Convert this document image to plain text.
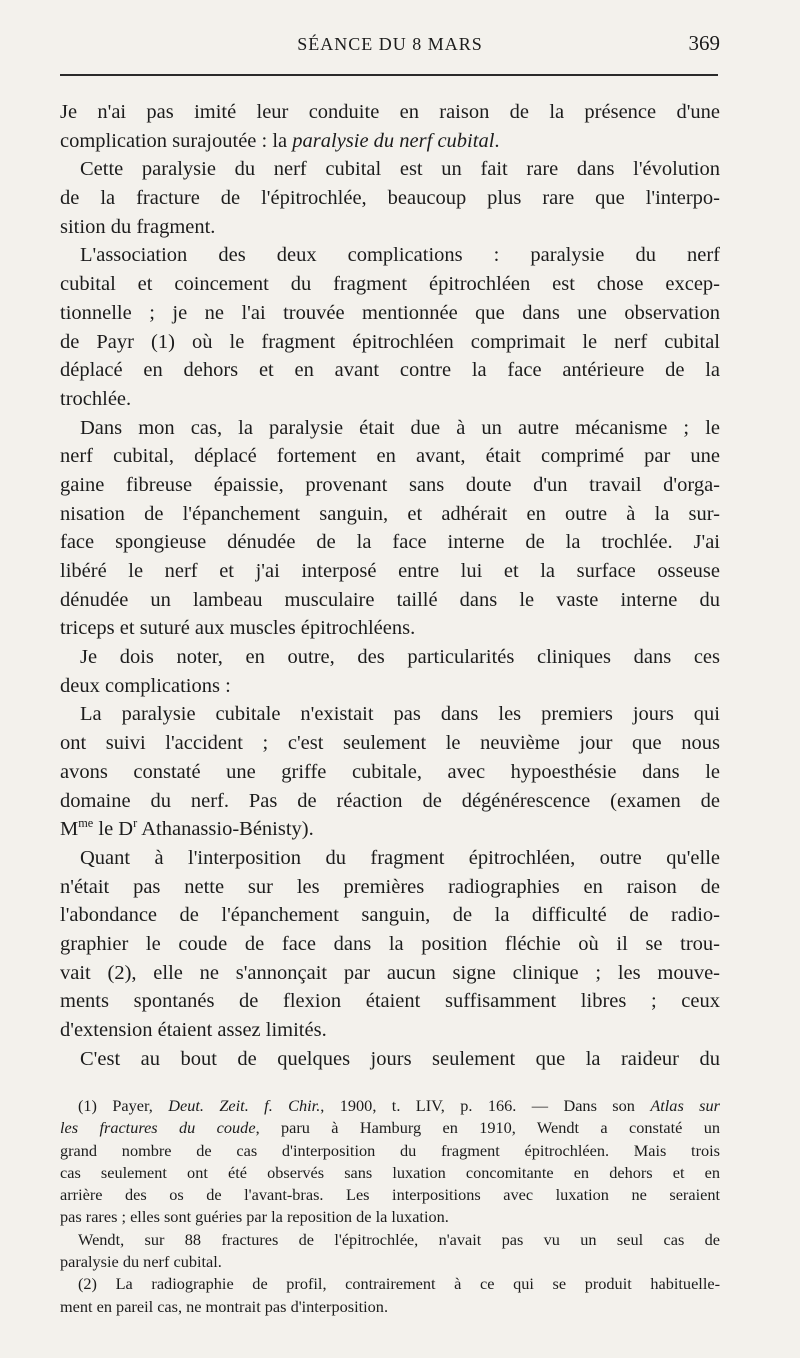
SÉANCE DU 8 MARS	369
Je n'ai pas imité leur conduite en raison de la présence d'une
complication surajoutée : la paralysie du nerf cubital.
Cette paralysie du nerf cubital est un fait rare dans l'évolution
de la fracture de l'épitrochlée, beaucoup plus rare que l'interpo-
sition du fragment.
L'association des deux complications : paralysie du nerf
cubital et coincement du fragment épitrochléen est chose excep-
tionnelle ; je ne l'ai trouvée mentionnée que dans une observation
de Payr (1) où le fragment épitrochléen comprimait le nerf cubital
déplacé en dehors et en avant contre la face antérieure de la
trochlée.
Dans mon cas, la paralysie était due à un autre mécanisme ; le
nerf cubital, déplacé fortement en avant, était comprimé par une
gaine fibreuse épaissie, provenant sans doute d'un travail d'orga-
nisation de l'épanchement sanguin, et adhérait en outre à la sur-
face spongieuse dénudée de la face interne de la trochlée. J'ai
libéré le nerf et j'ai interposé entre lui et la surface osseuse
dénudée un lambeau musculaire taillé dans le vaste interne du
triceps et suturé aux muscles épitrochléens.
Je dois noter, en outre, des particularités cliniques dans ces
deux complications :
La paralysie cubitale n'existait pas dans les premiers jours qui
ont suivi l'accident ; c'est seulement le neuvième jour que nous
avons constaté une griffe cubitale, avec hypoesthésie dans le
domaine du nerf. Pas de réaction de dégénérescence (examen de
$M^{me}$ le $D^r$ Athanassio-Bénisty).
Quant à l'interposition du fragment épitrochléen, outre qu'elle
n'était pas nette sur les premières radiographies en raison de
l'abondance de l'épanchement sanguin, de la difficulté de radio-
graphier le coude de face dans la position fléchie où il se trou-
vait (2), elle ne s'annonçait par aucun signe clinique ; les mouve-
ments spontanés de flexion étaient suffisamment libres ; ceux
d'extension étaient assez limités.
C'est au bout de quelques jours seulement que la raideur du
(1) Payer, Deut. Zeit. f. Chir., 1900, t. LIV, p. 166. — Dans son Atlas sur
les fractures du coude, paru à Hamburg en 1910, Wendt a constaté un
grand nombre de cas d'interposition du fragment épitrochléen. Mais trois
cas seulement ont été observés sans luxation concomitante en dehors et en
arrière des os de l'avant-bras. Les interpositions avec luxation ne seraient
pas rares ; elles sont guéries par la reposition de la luxation.
Wendt, sur 88 fractures de l'épitrochlée, n'avait pas vu un seul cas de
paralysie du nerf cubital.
(2) La radiographie de profil, contrairement à ce qui se produit habituelle-
ment en pareil cas, ne montrait pas d'interposition.
